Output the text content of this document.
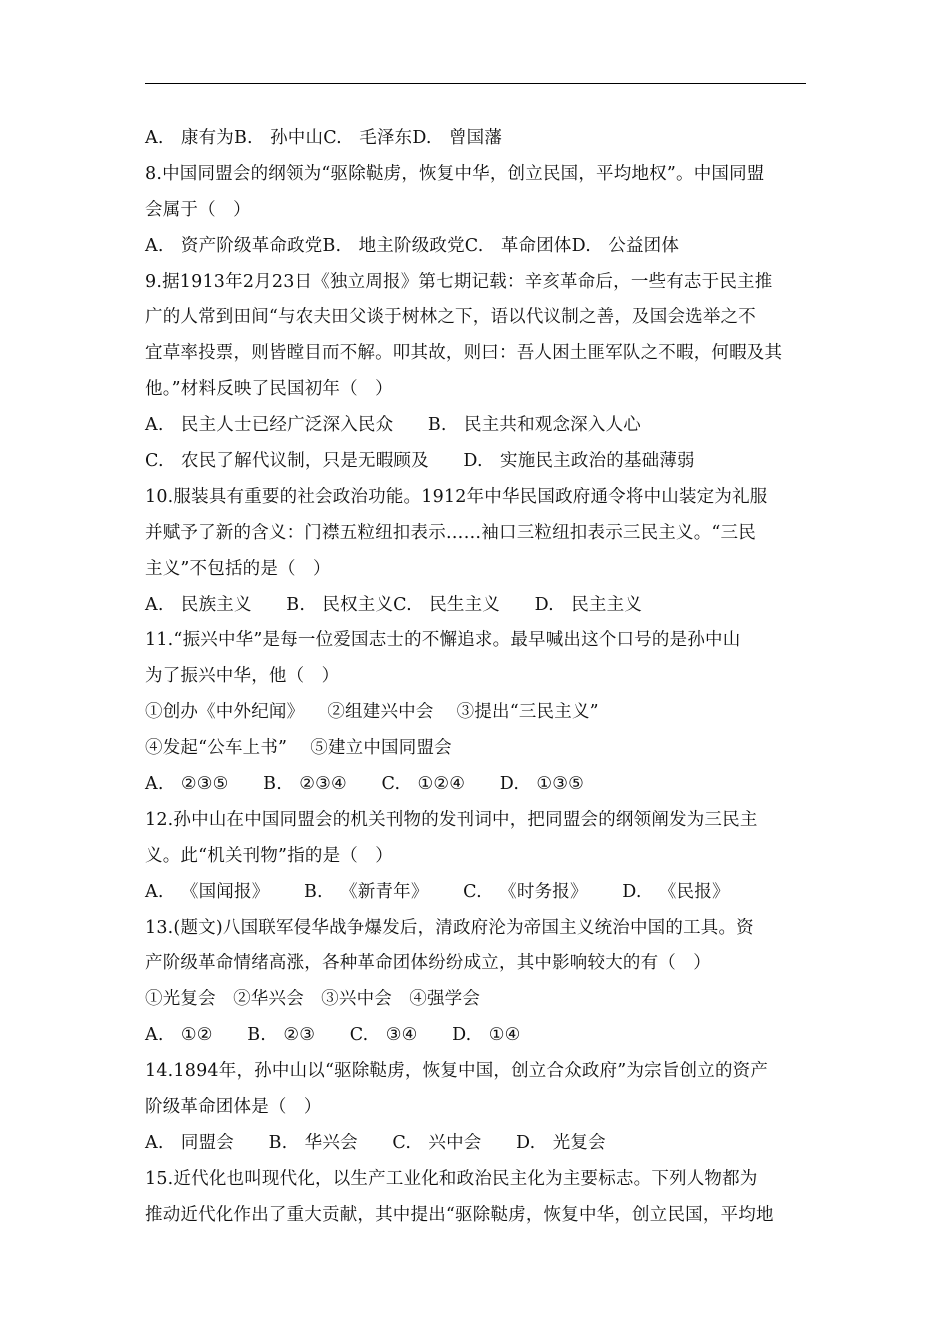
A.   康有为B.   孙中山C.   毛泽东D.   曾国藩
8.中国同盟会的纲领为“驱除鞑虏，恢复中华，创立民国，平均地权”。中国同盟
会属于（   ）
A.   资产阶级革命政党B.   地主阶级政党C.   革命团体D.   公益团体
9.据1913年2月23日《独立周报》第七期记载：辛亥革命后，一些有志于民主推
广的人常到田间“与农夫田父谈于树林之下，语以代议制之善，及国会选举之不
宜草率投票，则皆瞠目而不解。叩其故，则曰：吾人困土匪军队之不暇，何暇及其
他。”材料反映了民国初年（   ）
A.   民主人士已经广泛深入民众      B.   民主共和观念深入人心
C.   农民了解代议制，只是无暇顾及      D.   实施民主政治的基础薄弱
10.服装具有重要的社会政治功能。1912年中华民国政府通令将中山装定为礼服
并赋予了新的含义：门襟五粒纽扣表示……袖口三粒纽扣表示三民主义。“三民
主义”不包括的是（   ）
A.   民族主义      B.   民权主义C.   民生主义      D.   民主主义
11.“振兴中华”是每一位爱国志士的不懈追求。最早喊出这个口号的是孙中山
为了振兴中华，他（   ）
①创办《中外纪闻》    ②组建兴中会    ③提出“三民主义”
④发起“公车上书”    ⑤建立中国同盟会
A.   ②③⑤      B.   ②③④      C.   ①②④      D.   ①③⑤
12.孙中山在中国同盟会的机关刊物的发刊词中，把同盟会的纲领阐发为三民主
义。此“机关刊物”指的是（   ）
A.   《国闻报》      B.   《新青年》      C.   《时务报》      D.   《民报》
13.(题文)八国联军侵华战争爆发后，清政府沦为帝国主义统治中国的工具。资
产阶级革命情绪高涨，各种革命团体纷纷成立，其中影响较大的有（   ）
①光复会   ②华兴会   ③兴中会   ④强学会
A.   ①②      B.   ②③      C.   ③④      D.   ①④
14.1894年，孙中山以“驱除鞑虏，恢复中国，创立合众政府”为宗旨创立的资产
阶级革命团体是（   ）
A.   同盟会      B.   华兴会      C.   兴中会      D.   光复会
15.近代化也叫现代化，以生产工业化和政治民主化为主要标志。下列人物都为
推动近代化作出了重大贡献，其中提出“驱除鞑虏，恢复中华，创立民国，平均地
